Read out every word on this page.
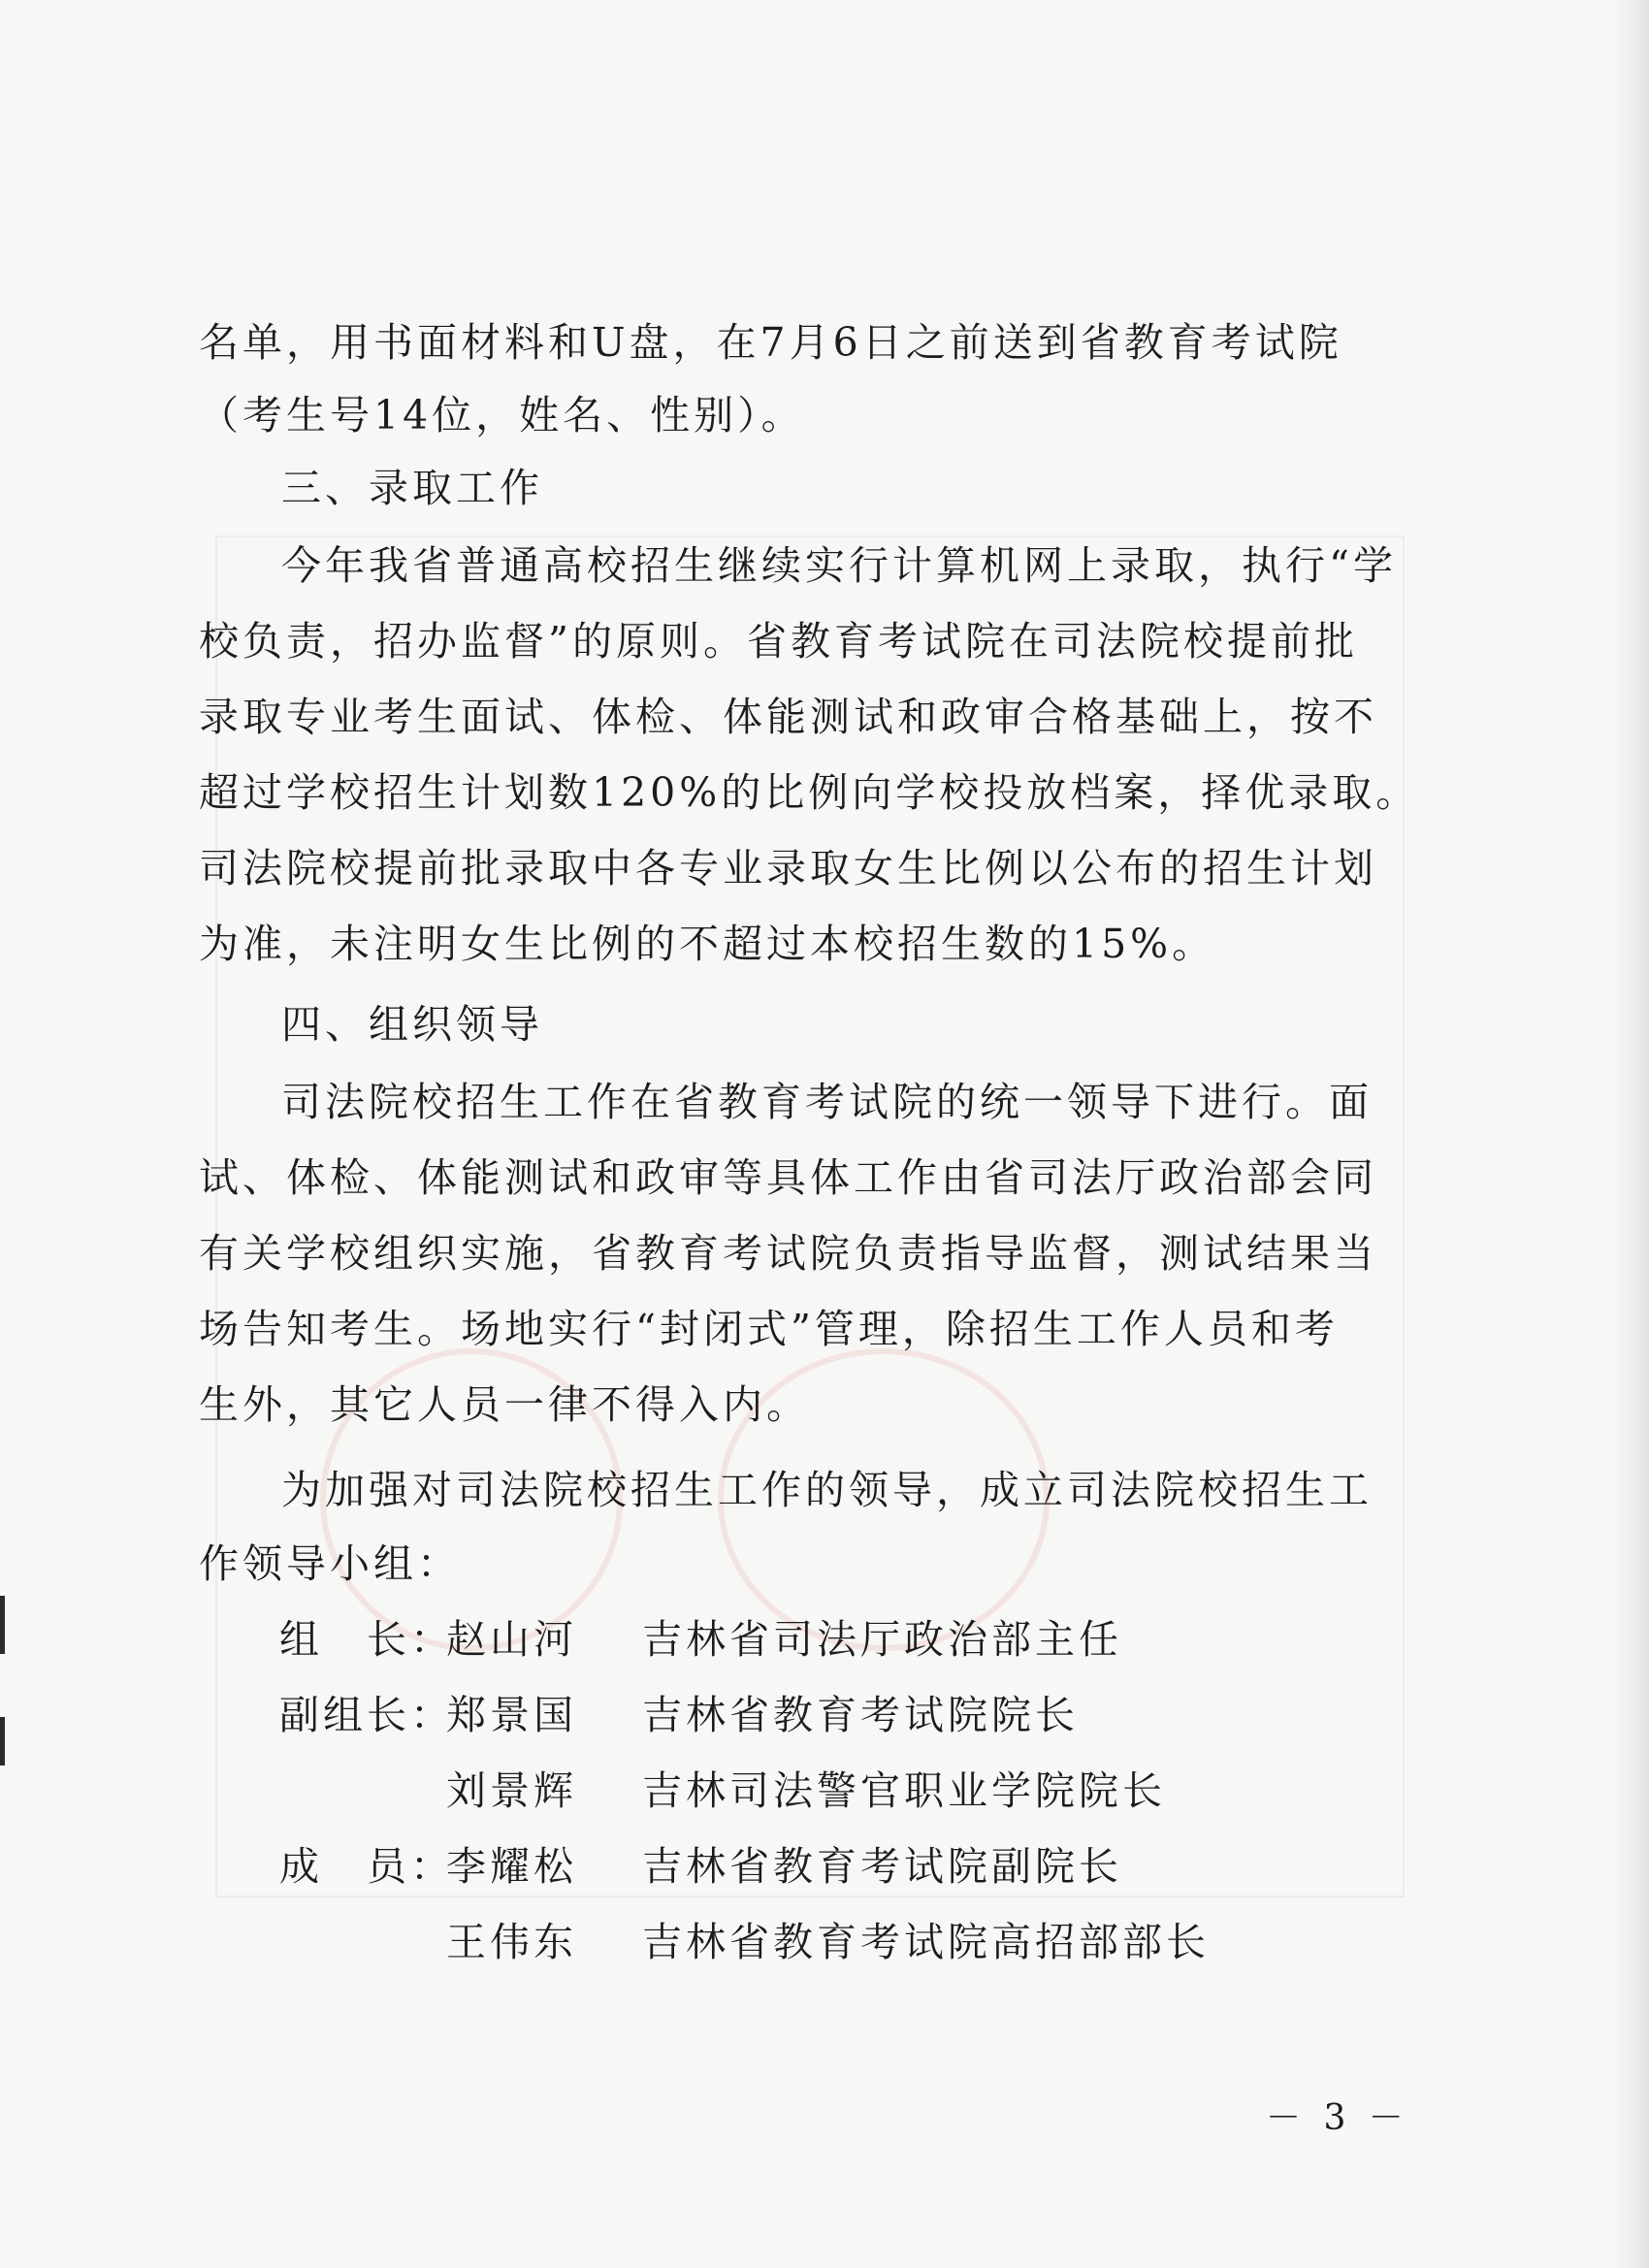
名单，用书面材料和U盘，在7月6日之前送到省教育考试院
（考生号14位，姓名、性别）。
三、录取工作
今年我省普通高校招生继续实行计算机网上录取，执行“学
校负责，招办监督”的原则。省教育考试院在司法院校提前批
录取专业考生面试、体检、体能测试和政审合格基础上，按不
超过学校招生计划数120%的比例向学校投放档案，择优录取。
司法院校提前批录取中各专业录取女生比例以公布的招生计划
为准，未注明女生比例的不超过本校招生数的15%。
四、组织领导
司法院校招生工作在省教育考试院的统一领导下进行。面
试、体检、体能测试和政审等具体工作由省司法厅政治部会同
有关学校组织实施，省教育考试院负责指导监督，测试结果当
场告知考生。场地实行“封闭式”管理，除招生工作人员和考
生外，其它人员一律不得入内。
为加强对司法院校招生工作的领导，成立司法院校招生工
作领导小组：
组　长：
赵山河 吉林省司法厅政治部主任
副组长：
郑景国 吉林省教育考试院院长
刘景辉 吉林司法警官职业学院院长
成　员：
李耀松 吉林省教育考试院副院长
王伟东 吉林省教育考试院高招部部长
－ 3 －
